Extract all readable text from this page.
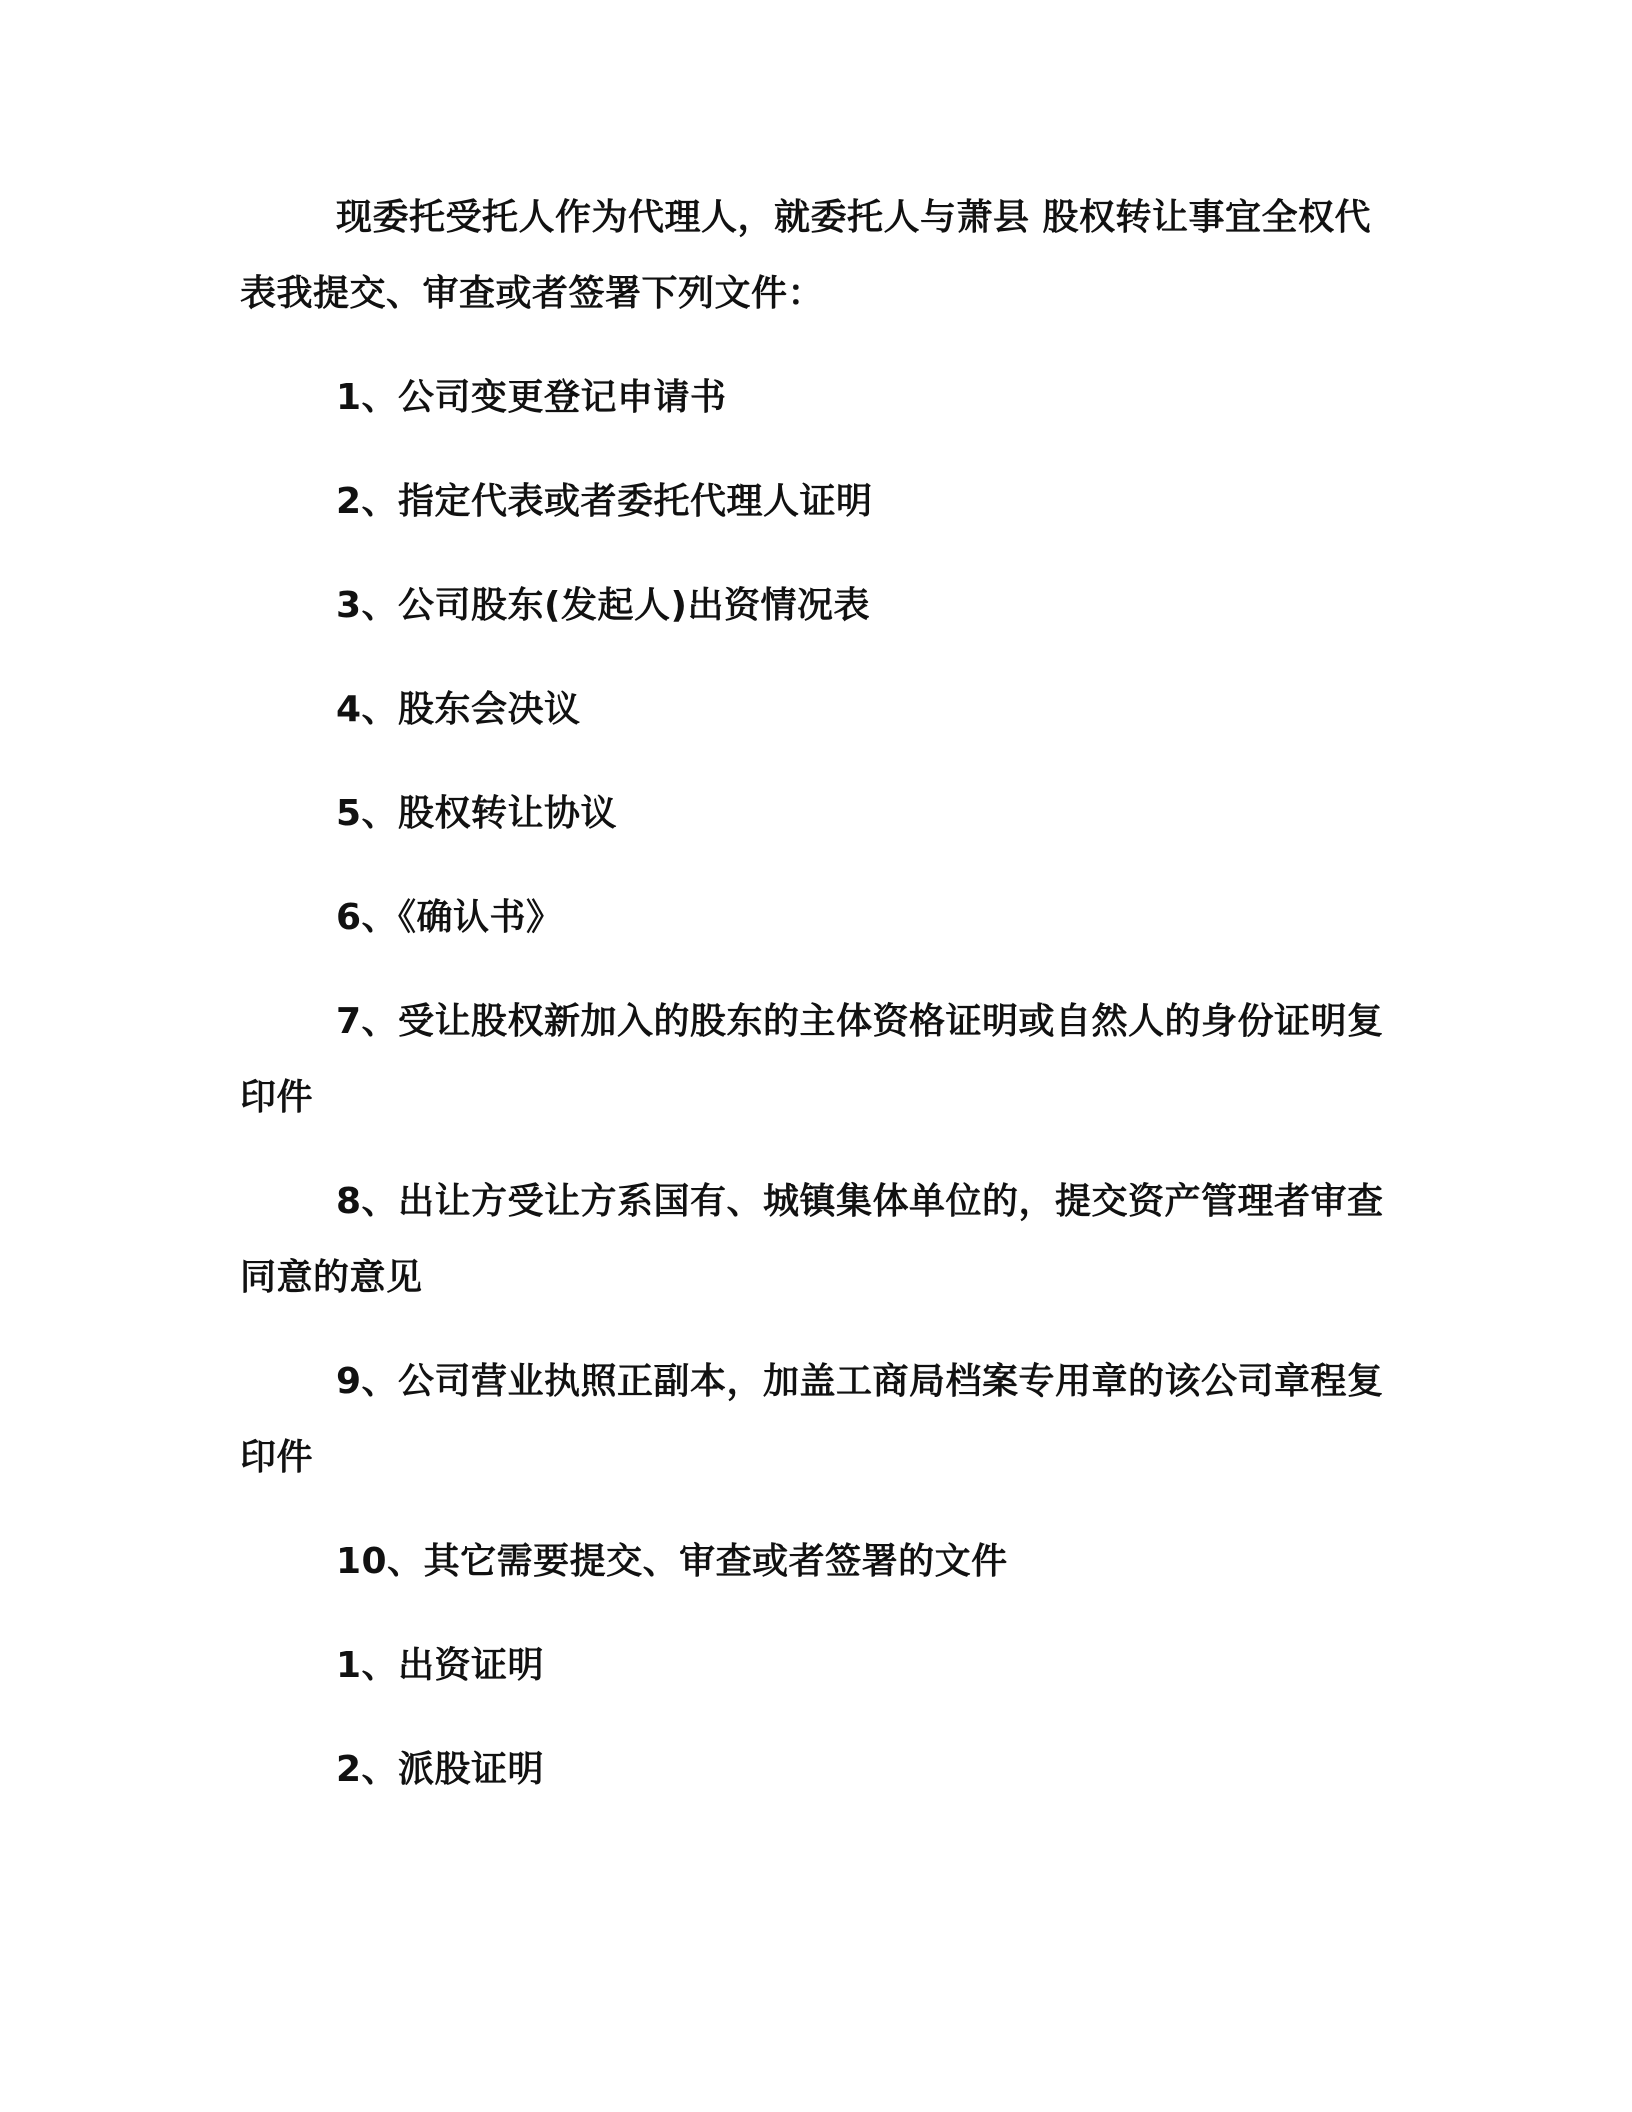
现委托受托人作为代理人，就委托人与萧县 股权转让事宜全权代表我提交、审查或者签署下列文件：

1、公司变更登记申请书

2、指定代表或者委托代理人证明

3、公司股东(发起人)出资情况表

4、股东会决议

5、股权转让协议

6、《确认书》

7、受让股权新加入的股东的主体资格证明或自然人的身份证明复印件

8、出让方受让方系国有、城镇集体单位的，提交资产管理者审查同意的意见

9、公司营业执照正副本，加盖工商局档案专用章的该公司章程复印件

10、其它需要提交、审查或者签署的文件

1、出资证明

2、派股证明
